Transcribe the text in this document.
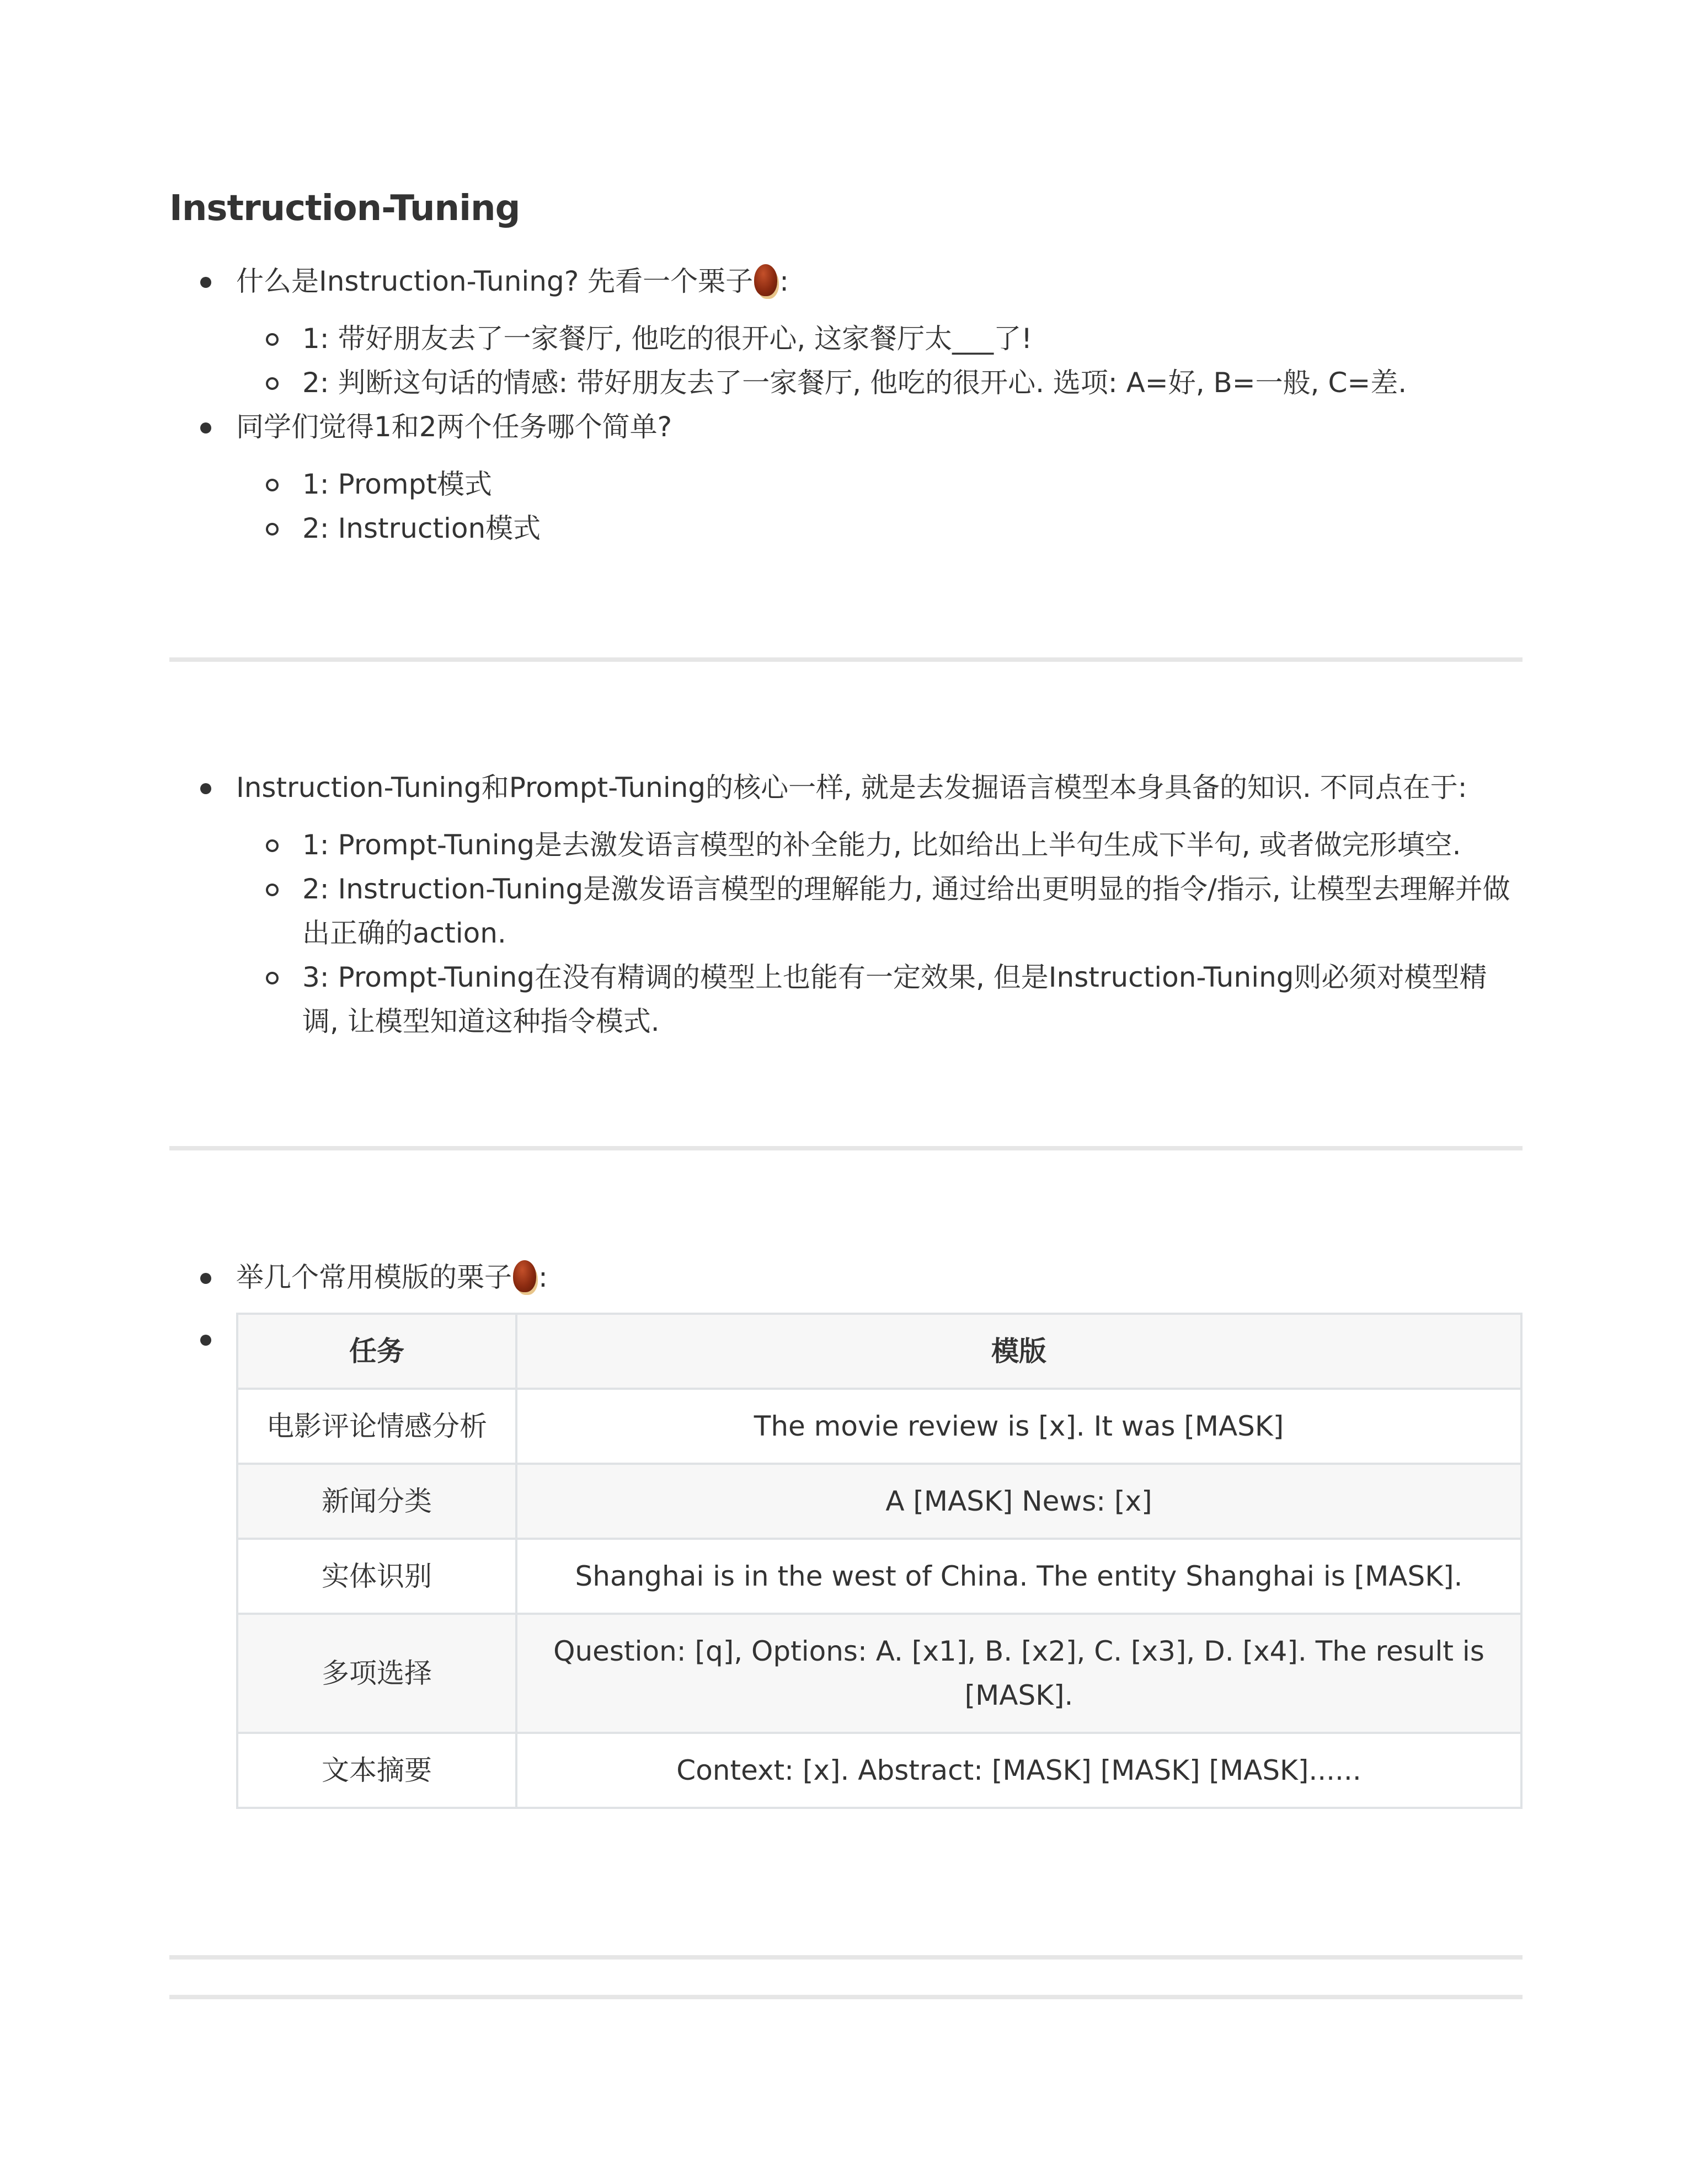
Instruction-Tuning
什么是Instruction-Tuning? 先看一个栗子 :
1: 带好朋友去了一家餐厅, 他吃的很开心, 这家餐厅太___了!
2: 判断这句话的情感: 带好朋友去了一家餐厅, 他吃的很开心. 选项: A=好, B=一般, C=差.
同学们觉得1和2两个任务哪个简单?
1: Prompt模式
2: Instruction模式
Instruction-Tuning和Prompt-Tuning的核心一样, 就是去发掘语言模型本身具备的知识. 不同点在于:
1: Prompt-Tuning是去激发语言模型的补全能力, 比如给出上半句生成下半句, 或者做完形填空.
2: Instruction-Tuning是激发语言模型的理解能力, 通过给出更明显的指令/指示, 让模型去理解并做出正确的action.
3: Prompt-Tuning在没有精调的模型上也能有一定效果, 但是Instruction-Tuning则必须对模型精调, 让模型知道这种指令模式.
举几个常用模版的栗子 :
任务	模版
电影评论情感分析	The movie review is [x]. It was [MASK]
新闻分类	A [MASK] News: [x]
实体识别	Shanghai is in the west of China. The entity Shanghai is [MASK].
多项选择	Question: [q], Options: A. [x1], B. [x2], C. [x3], D. [x4]. The result is [MASK].
文本摘要	Context: [x]. Abstract: [MASK] [MASK] [MASK]......
